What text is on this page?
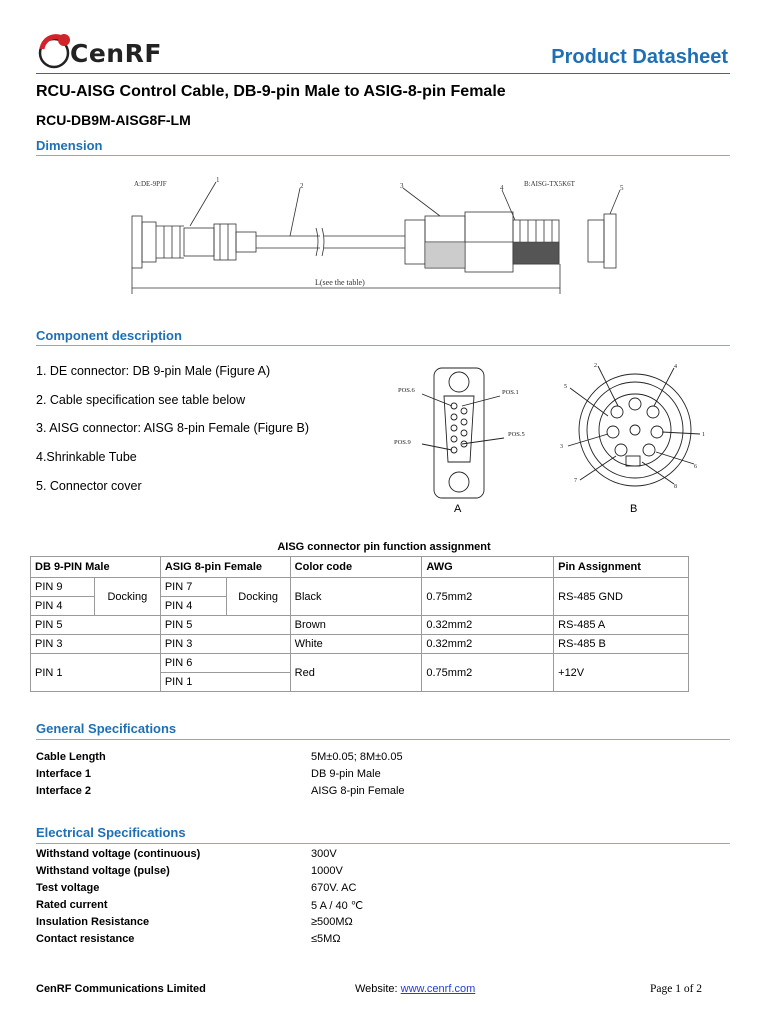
CenRF	Product Datasheet
RCU-AISG Control Cable, DB-9-pin Male to ASIG-8-pin Female
RCU-DB9M-AISG8F-LM
Dimension
A:DE-9PJF	B:AISG-TX5K6T
1
2	3	4	5
L(see the table)
Component description
1. DE connector: DB 9-pin Male (Figure A)
2. Cable specification see table below
3. AISG connector: AISG 8-pin Female (Figure B)
4.Shrinkable Tube
5. Connector cover
POS.6	POS.1
POS.9
POS.5
A
1
2
3
4
5
6
7
8
B
AISG connector pin function assignment
DB 9-PIN Male		ASIG 8-pin Female		Color code	AWG	Pin Assignment
PIN 9	Docking	PIN 7	Docking	Black	0.75mm2	RS-485 GND
PIN 4		PIN 4				
PIN 5		PIN 5		Brown	0.32mm2	RS-485 A
PIN 3		PIN 3		White	0.32mm2	RS-485 B
PIN 1		PIN 6		Red	0.75mm2	+12V
		PIN 1				
General Specifications
Cable Length	5M±0.05; 8M±0.05
Interface 1	DB 9-pin Male
Interface 2	AISG 8-pin Female
Electrical Specifications
Withstand voltage (continuous)	300V
Withstand voltage (pulse)	1000V
Test voltage	670V. AC
Rated current	5 A / 40 ℃
Insulation Resistance	≥500MΩ
Contact resistance	≤5MΩ
CenRF Communications Limited	Website: www.cenrf.com	Page 1 of 2
